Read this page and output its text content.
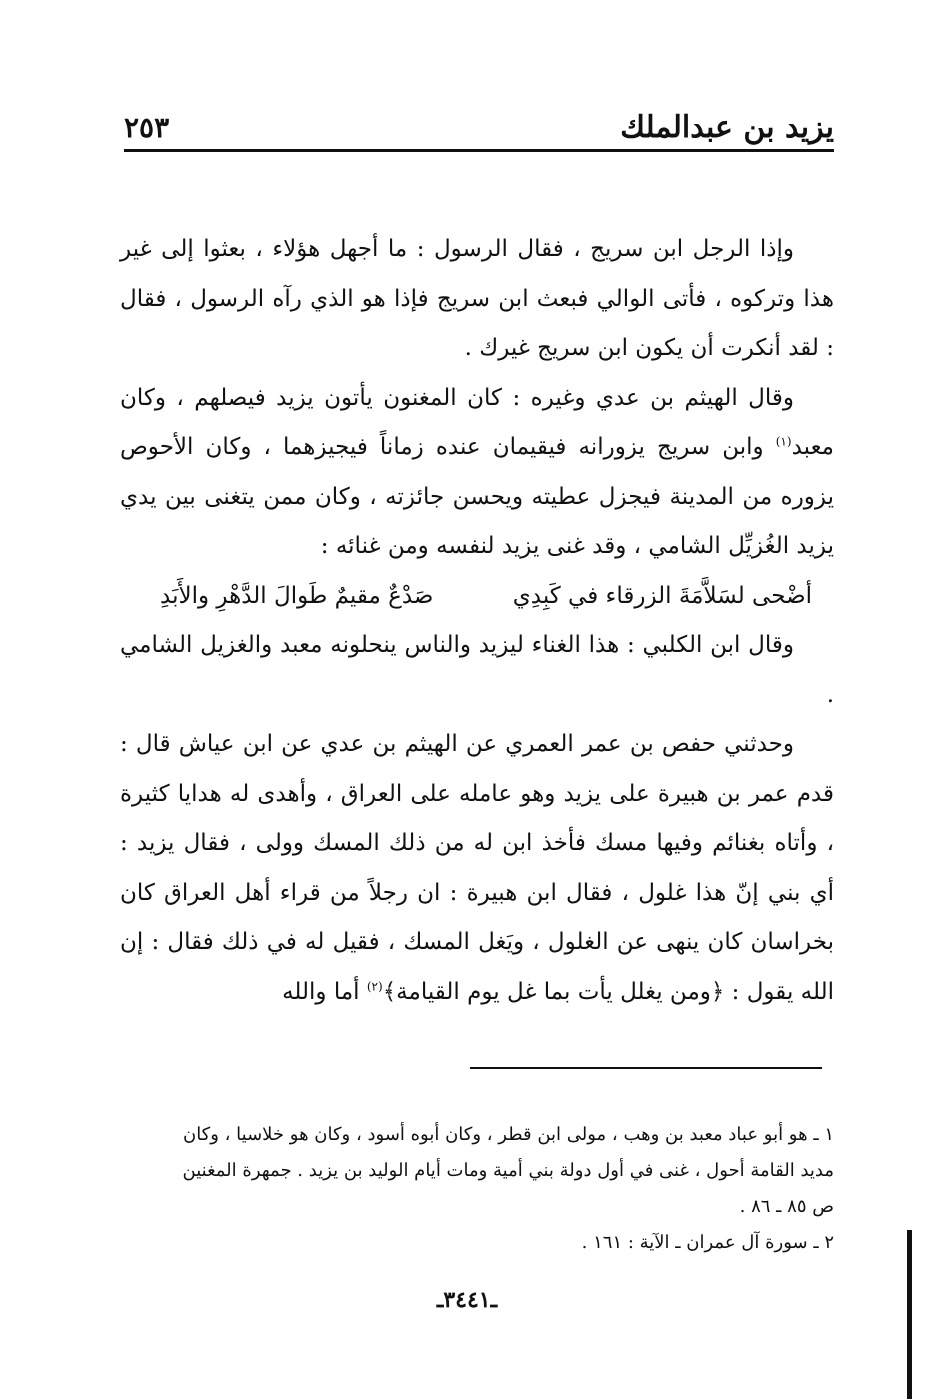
يزيد بن عبدالملك
٢٥٣

وإذا الرجل ابن سريج ، فقال الرسول : ما أجهل هؤلاء ، بعثوا إلى غير هذا وتركوه ، فأتى الوالي فبعث ابن سريج فإذا هو الذي رآه الرسول ، فقال : لقد أنكرت أن يكون ابن سريج غيرك .

وقال الهيثم بن عدي وغيره : كان المغنون يأتون يزيد فيصلهم ، وكان معبد$^{(١)}$ وابن سريج يزورانه فيقيمان عنده زماناً فيجيزهما ، وكان الأحوص يزوره من المدينة فيجزل عطيته ويحسن جائزته ، وكان ممن يتغنى بين يدي يزيد الغُزيِّل الشامي ، وقد غنى يزيد لنفسه ومن غنائه :

أضْحى لسَلاَّمَةَ الزرقاء في كَبِدِي
صَدْعٌ مقيمٌ طَوالَ الدَّهْرِ والأَبَدِ

وقال ابن الكلبي : هذا الغناء ليزيد والناس ينحلونه معبد والغزيل الشامي .

وحدثني حفص بن عمر العمري عن الهيثم بن عدي عن ابن عياش قال : قدم عمر بن هبيرة على يزيد وهو عامله على العراق ، وأهدى له هدايا كثيرة ، وأتاه بغنائم وفيها مسك فأخذ ابن له من ذلك المسك وولى ، فقال يزيد : أي بني إنّ هذا غلول ، فقال ابن هبيرة : ان رجلاً من قراء أهل العراق كان بخراسان كان ينهى عن الغلول ، ويَغل المسك ، فقيل له في ذلك فقال : إن الله يقول : ﴿ومن يغلل يأت بما غل يوم القيامة﴾$^{(٢)}$ أما والله

١ ـ هو أبو عباد معبد بن وهب ، مولى ابن قطر ، وكان أبوه أسود ، وكان هو خلاسيا ، وكان

مديد القامة أحول ، غنى في أول دولة بني أمية ومات أيام الوليد بن يزيد . جمهرة المغنين

ص ٨٥ ـ ٨٦ .

٢ ـ سورة آل عمران ـ الآية : ١٦١ .

ـ٣٤٤١ـ
